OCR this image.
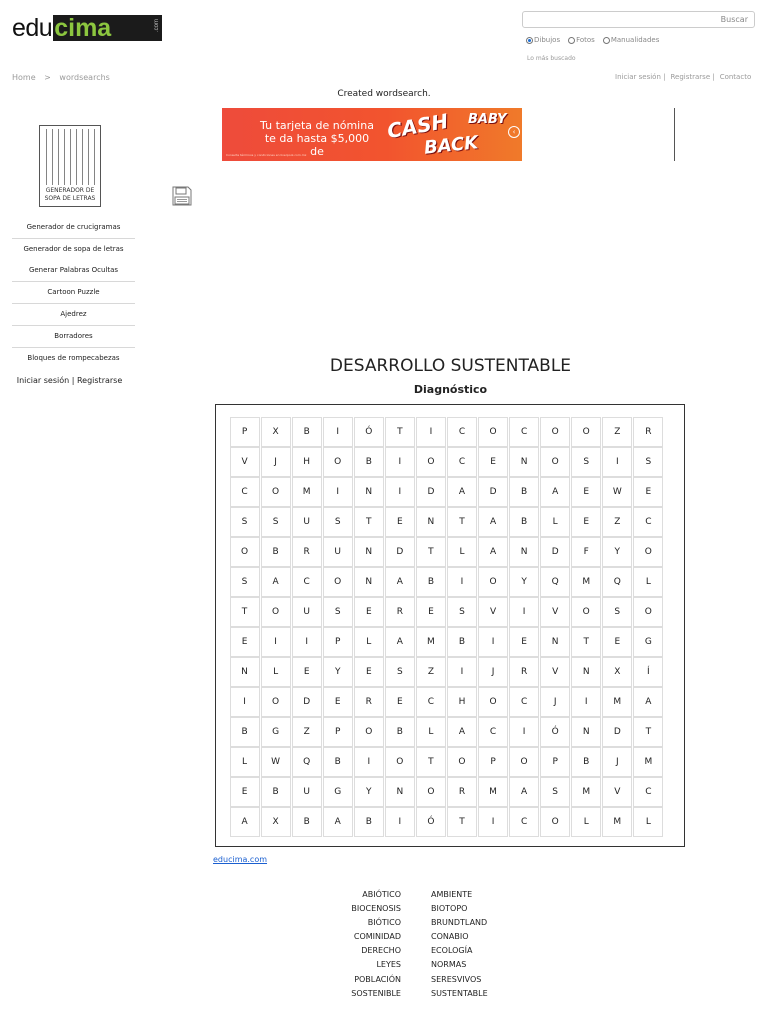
edu cima	.com	Buscar
Dibujos Fotos Manualidades
Lo más buscado
Home > wordsearchs	Iniciar sesión | Registrarse | Contacto
Created wordsearch.
Tu tarjeta de nómina
te da hasta $5,000 de
CASH
BACK
BABY
Consulta términos y condiciones en liverpool.com.mx
‹
GENERADOR DE
SOPA DE LETRAS
Generador de crucigramas
Generador de sopa de letras
Generar Palabras Ocultas
Cartoon Puzzle
Ajedrez
Borradores
Bloques de rompecabezas
Iniciar sesión | Registrarse
DESARROLLO SUSTENTABLE
Diagnóstico
P	X	B	I	Ó	T	I	C	O	C	O	O	Z	R
V	J	H	O	B	I	O	C	E	N	O	S	I	S
C	O	M	I	N	I	D	A	D	B	A	E	W	E
S	S	U	S	T	E	N	T	A	B	L	E	Z	C
O	B	R	U	N	D	T	L	A	N	D	F	Y	O
S	A	C	O	N	A	B	I	O	Y	Q	M	Q	L
T	O	U	S	E	R	E	S	V	I	V	O	S	O
E	I	I	P	L	A	M	B	I	E	N	T	E	G
N	L	E	Y	E	S	Z	I	J	R	V	N	X	Í
I	O	D	E	R	E	C	H	O	C	J	I	M	A
B	G	Z	P	O	B	L	A	C	I	Ó	N	D	T
L	W	Q	B	I	O	T	O	P	O	P	B	J	M
E	B	U	G	Y	N	O	R	M	A	S	M	V	C
A	X	B	A	B	I	Ó	T	I	C	O	L	M	L
educima.com
ABIÓTICO	AMBIENTE
BIOCENOSIS	BIOTOPO
BIÓTICO	BRUNDTLAND
COMINIDAD	CONABIO
DERECHO	ECOLOGÍA
LEYES	NORMAS
POBLACIÓN	SERESVIVOS
SOSTENIBLE	SUSTENTABLE
